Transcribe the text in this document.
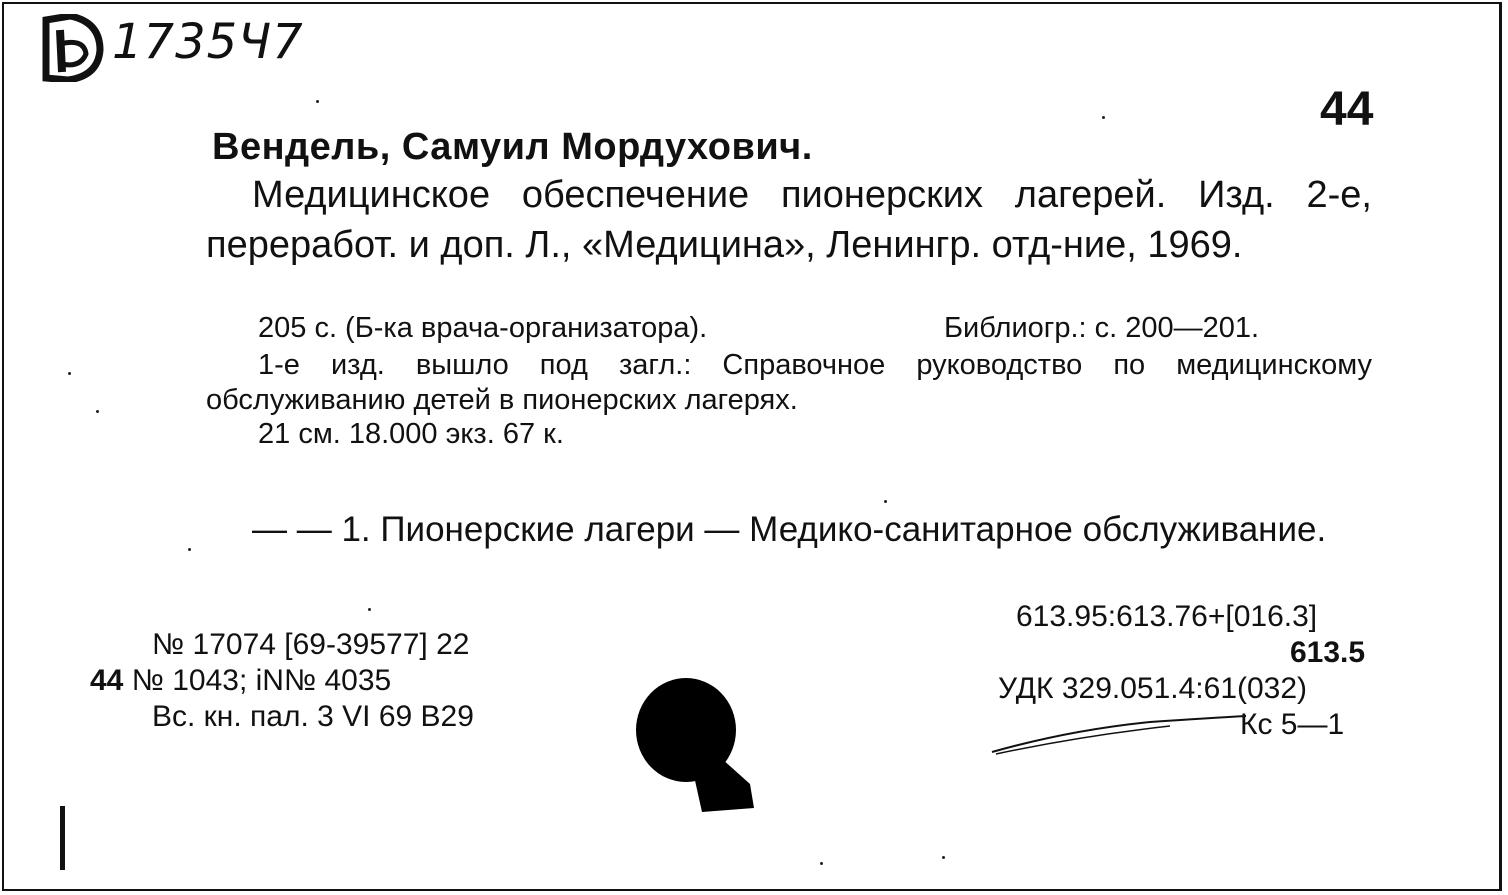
1735Ч7
44
Вендель, Самуил Мордухович.
Медицинское обеспечение пионерских лагерей. Изд. 2-е, переработ. и доп. Л., «Медицина», Ленингр. отд-ние, 1969.
205 с. (Б-ка врача-организатора).	Библиогр.: с. 200—201.
1-е изд. вышло под загл.: Справочное руководство по медицинскому обслуживанию детей в пионерских лагерях.
21 см. 18.000 экз. 67 к.
— — 1. Пионерские лагери — Медико-санитарное обслуживание.
№ 17074 [69-39577] 22
44 № 1043; iN№ 4035
Вс. кн. пал. 3 VI 69 В29
613.95:613.76+[016.3]
613.5
УДК 329.051.4:61(032)
Кс 5—1
